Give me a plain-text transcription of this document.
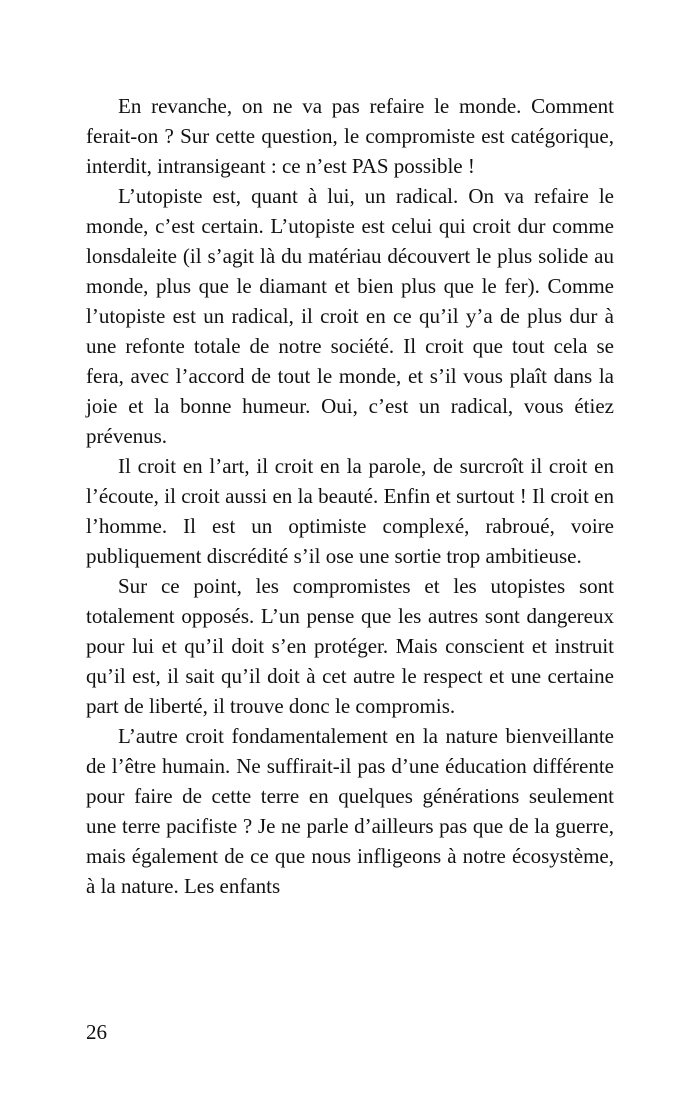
En revanche, on ne va pas refaire le monde. Comment ferait-on ? Sur cette question, le compromiste est catégorique, interdit, intransigeant : ce n’est PAS possible !

L’utopiste est, quant à lui, un radical. On va refaire le monde, c’est certain. L’utopiste est celui qui croit dur comme lonsdaleite (il s’agit là du matériau découvert le plus solide au monde, plus que le diamant et bien plus que le fer). Comme l’utopiste est un radical, il croit en ce qu’il y’a de plus dur à une refonte totale de notre société. Il croit que tout cela se fera, avec l’accord de tout le monde, et s’il vous plaît dans la joie et la bonne humeur. Oui, c’est un radical, vous étiez prévenus.

Il croit en l’art, il croit en la parole, de surcroît il croit en l’écoute, il croit aussi en la beauté. Enfin et surtout ! Il croit en l’homme. Il est un optimiste complexé, rabroué, voire publiquement discrédité s’il ose une sortie trop ambitieuse.

Sur ce point, les compromistes et les utopistes sont totalement opposés. L’un pense que les autres sont dangereux pour lui et qu’il doit s’en protéger. Mais conscient et instruit qu’il est, il sait qu’il doit à cet autre le respect et une certaine part de liberté, il trouve donc le compromis.

L’autre croit fondamentalement en la nature bienveillante de l’être humain. Ne suffirait-il pas d’une éducation différente pour faire de cette terre en quelques générations seulement une terre pacifiste ? Je ne parle d’ailleurs pas que de la guerre, mais également de ce que nous infligeons à notre écosystème, à la nature. Les enfants

26
